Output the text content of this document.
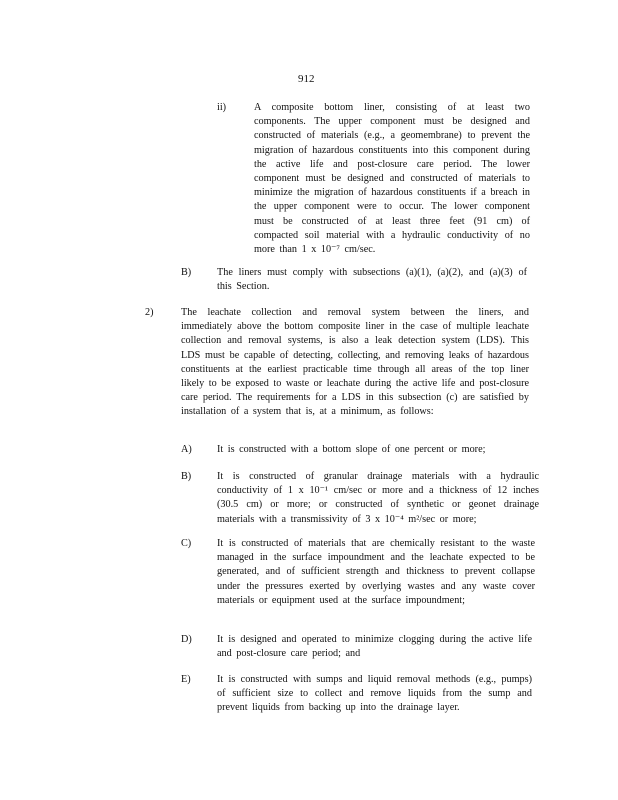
912
ii)	A composite bottom liner, consisting of at least two components. The upper component must be designed and constructed of materials (e.g., a geomembrane) to prevent the migration of hazardous constituents into this component during the active life and post-closure care period. The lower component must be designed and constructed of materials to minimize the migration of hazardous constituents if a breach in the upper component were to occur. The lower component must be constructed of at least three feet (91 cm) of compacted soil material with a hydraulic conductivity of no more than 1 x 10⁻⁷ cm/sec.
B)	The liners must comply with subsections (a)(1), (a)(2), and (a)(3) of this Section.
2)	The leachate collection and removal system between the liners, and immediately above the bottom composite liner in the case of multiple leachate collection and removal systems, is also a leak detection system (LDS). This LDS must be capable of detecting, collecting, and removing leaks of hazardous constituents at the earliest practicable time through all areas of the top liner likely to be exposed to waste or leachate during the active life and post-closure care period. The requirements for a LDS in this subsection (c) are satisfied by installation of a system that is, at a minimum, as follows:
A) It is constructed with a bottom slope of one percent or more;
B)	It is constructed of granular drainage materials with a hydraulic conductivity of 1 x 10⁻¹ cm/sec or more and a thickness of 12 inches (30.5 cm) or more; or constructed of synthetic or geonet drainage materials with a transmissivity of 3 x 10⁻⁴ m²/sec or more;
C)	It is constructed of materials that are chemically resistant to the waste managed in the surface impoundment and the leachate expected to be generated, and of sufficient strength and thickness to prevent collapse under the pressures exerted by overlying wastes and any waste cover materials or equipment used at the surface impoundment;
D) It is designed and operated to minimize clogging during the active life and post-closure care period; and
E)	It is constructed with sumps and liquid removal methods (e.g., pumps) of sufficient size to collect and remove liquids from the sump and prevent liquids from backing up into the drainage layer.
